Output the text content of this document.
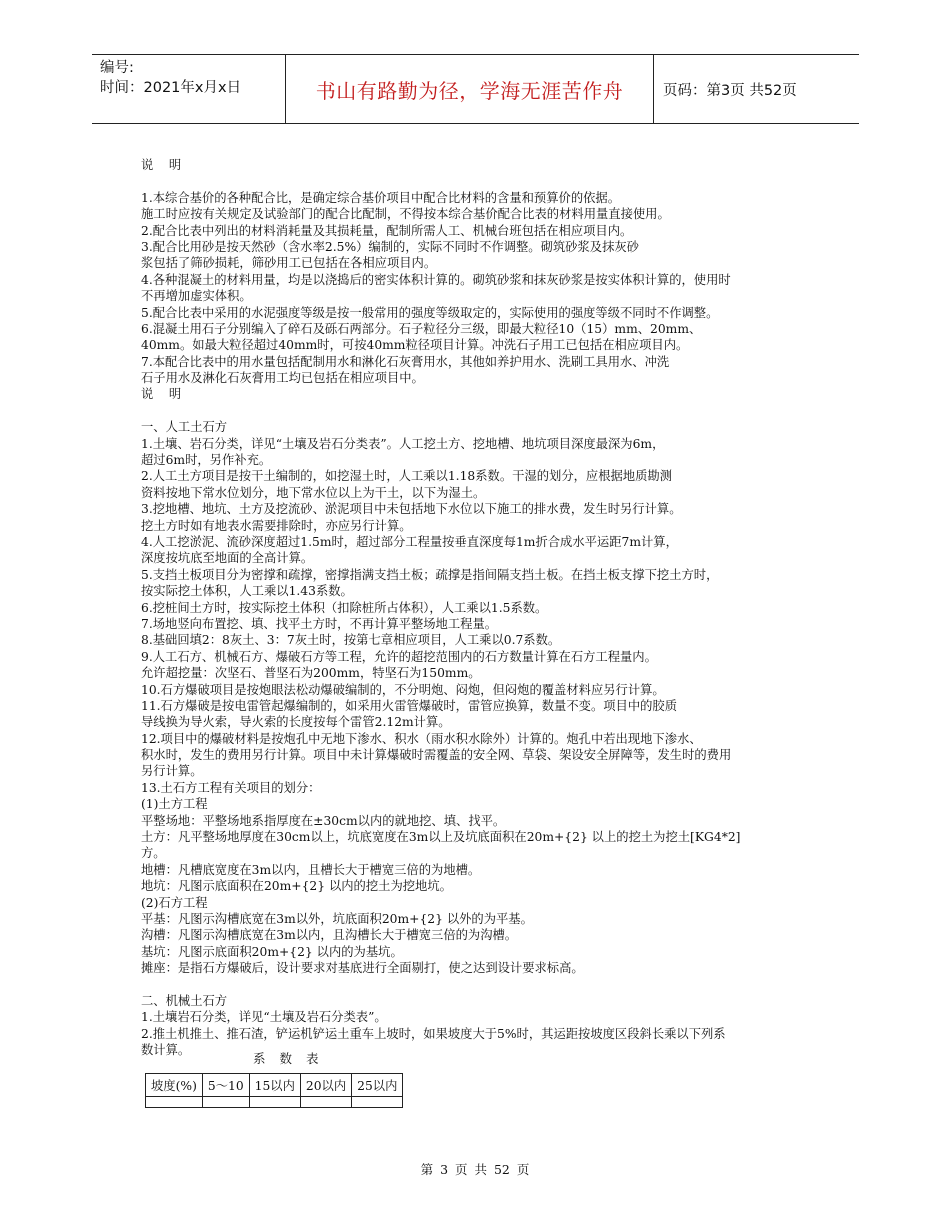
编号:
时间：2021年x月x日	书山有路勤为径，学海无涯苦作舟	页码：第3页 共52页
说    明
1.本综合基价的各种配合比，是确定综合基价项目中配合比材料的含量和预算价的依据。
施工时应按有关规定及试验部门的配合比配制，不得按本综合基价配合比表的材料用量直接使用。
2.配合比表中列出的材料消耗量及其损耗量，配制所需人工、机械台班包括在相应项目内。
3.配合比用砂是按天然砂（含水率2.5%）编制的，实际不同时不作调整。砌筑砂浆及抹灰砂
浆包括了筛砂损耗，筛砂用工已包括在各相应项目内。
4.各种混凝土的材料用量，均是以浇捣后的密实体积计算的。砌筑砂浆和抹灰砂浆是按实体积计算的，使用时
不再增加虚实体积。
5.配合比表中采用的水泥强度等级是按一般常用的强度等级取定的，实际使用的强度等级不同时不作调整。
6.混凝土用石子分别编入了碎石及砾石两部分。石子粒径分三级，即最大粒径10（15）mm、20mm、
40mm。如最大粒径超过40mm时，可按40mm粒径项目计算。冲洗石子用工已包括在相应项目内。
7.本配合比表中的用水量包括配制用水和淋化石灰膏用水，其他如养护用水、洗刷工具用水、冲洗
石子用水及淋化石灰膏用工均已包括在相应项目中。
说    明
一、人工土石方
1.土壤、岩石分类，详见“土壤及岩石分类表”。人工挖土方、挖地槽、地坑项目深度最深为6m，
超过6m时，另作补充。
2.人工土方项目是按干土编制的，如挖湿土时，人工乘以1.18系数。干湿的划分，应根据地质勘测
资料按地下常水位划分，地下常水位以上为干土，以下为湿土。
3.挖地槽、地坑、土方及挖流砂、淤泥项目中未包括地下水位以下施工的排水费，发生时另行计算。
挖土方时如有地表水需要排除时，亦应另行计算。
4.人工挖淤泥、流砂深度超过1.5m时，超过部分工程量按垂直深度每1m折合成水平运距7m计算，
深度按坑底至地面的全高计算。
5.支挡土板项目分为密撑和疏撑，密撑指满支挡土板；疏撑是指间隔支挡土板。在挡土板支撑下挖土方时，
按实际挖土体积，人工乘以1.43系数。
6.挖桩间土方时，按实际挖土体积（扣除桩所占体积），人工乘以1.5系数。
7.场地竖向布置挖、填、找平土方时，不再计算平整场地工程量。
8.基础回填2：8灰土、3：7灰土时，按第七章相应项目，人工乘以0.7系数。
9.人工石方、机械石方、爆破石方等工程，允许的超挖范围内的石方数量计算在石方工程量内。
允许超挖量：次坚石、普坚石为200mm，特坚石为150mm。
10.石方爆破项目是按炮眼法松动爆破编制的，不分明炮、闷炮，但闷炮的覆盖材料应另行计算。
11.石方爆破是按电雷管起爆编制的，如采用火雷管爆破时，雷管应换算，数量不变。项目中的胶质
导线换为导火索，导火索的长度按每个雷管2.12m计算。
12.项目中的爆破材料是按炮孔中无地下渗水、积水（雨水积水除外）计算的。炮孔中若出现地下渗水、
积水时，发生的费用另行计算。项目中未计算爆破时需覆盖的安全网、草袋、架设安全屏障等，发生时的费用
另行计算。
13.土石方工程有关项目的划分：
(1)土方工程
平整场地：平整场地系指厚度在±30cm以内的就地挖、填、找平。
土方：凡平整场地厚度在30cm以上，坑底宽度在3m以上及坑底面积在20m+{2} 以上的挖土为挖土[KG4*2]
方。
地槽：凡槽底宽度在3m以内，且槽长大于槽宽三倍的为地槽。
地坑：凡图示底面积在20m+{2} 以内的挖土为挖地坑。
(2)石方工程
平基：凡图示沟槽底宽在3m以外，坑底面积20m+{2} 以外的为平基。
沟槽：凡图示沟槽底宽在3m以内，且沟槽长大于槽宽三倍的为沟槽。
基坑：凡图示底面积20m+{2} 以内的为基坑。
摊座：是指石方爆破后，设计要求对基底进行全面剔打，使之达到设计要求标高。
二、机械土石方
1.土壤岩石分类，详见“土壤及岩石分类表”。
2.推土机推土、推石渣，铲运机铲运土重车上坡时，如果坡度大于5%时，其运距按坡度区段斜长乘以下列系
数计算。
系 数 表
坡度(%)	5～10	15以内	20以内	25以内

第 3 页 共 52 页
